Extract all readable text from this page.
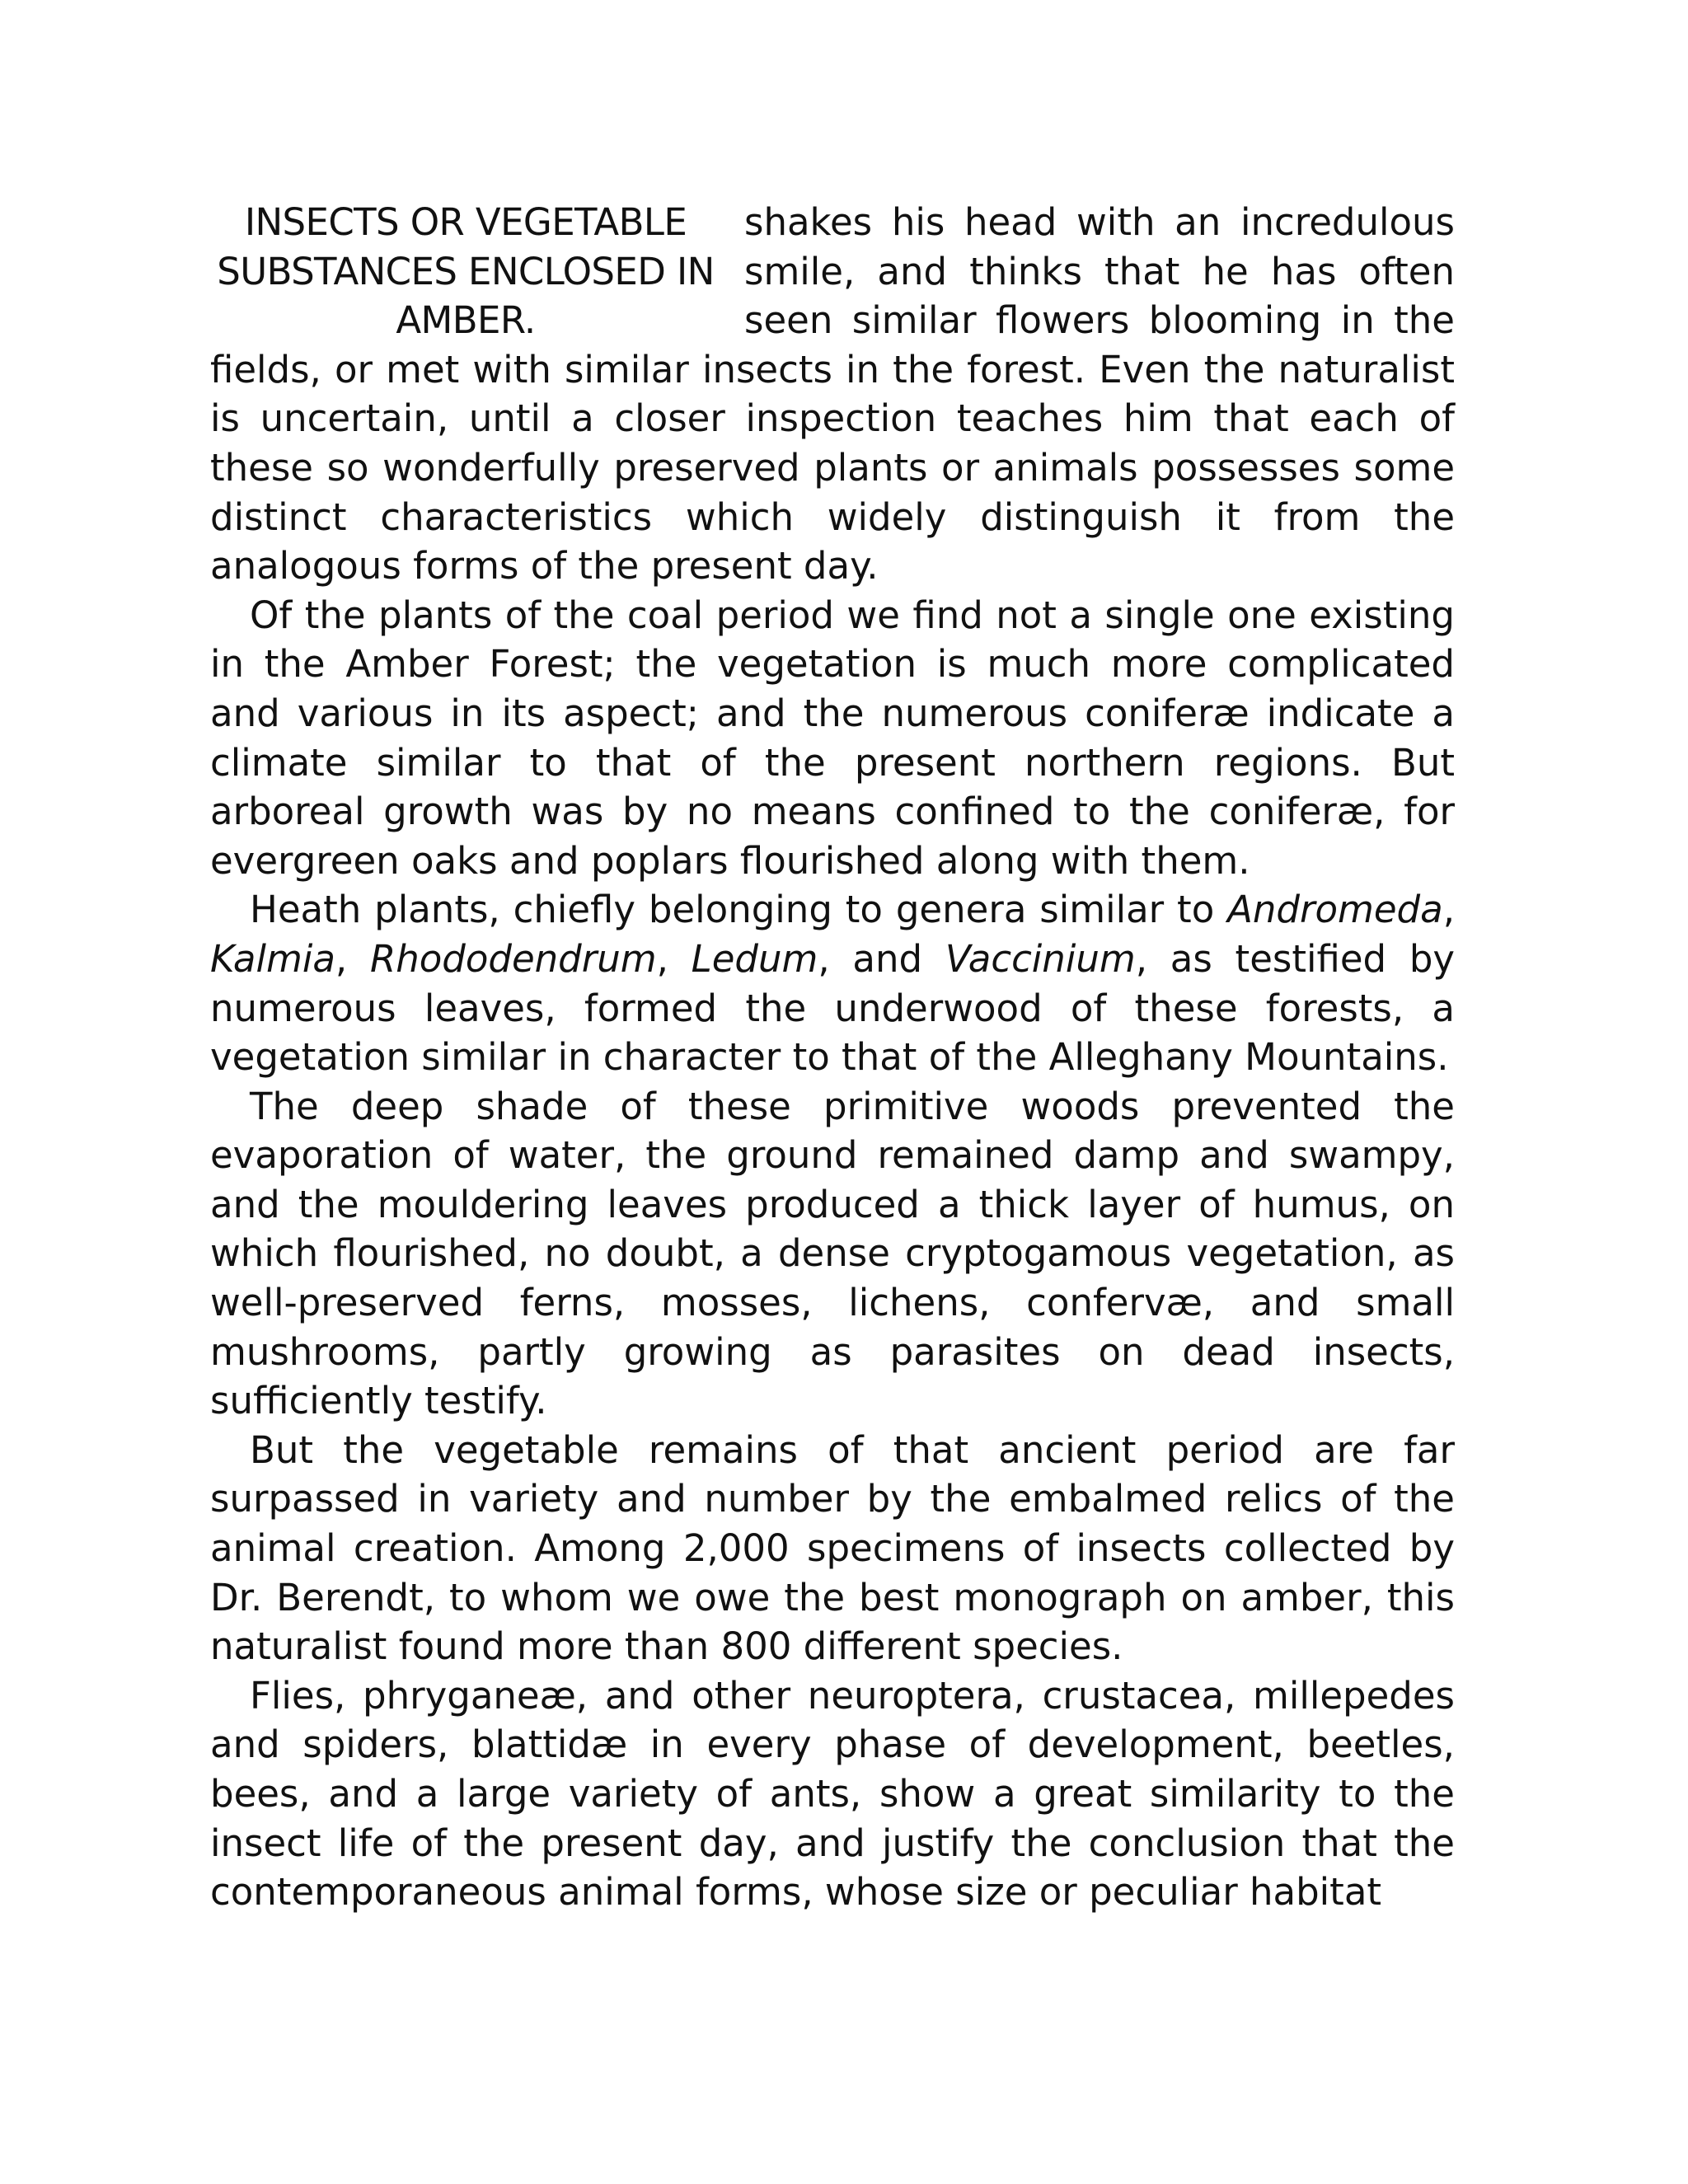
INSECTS OR VEGETABLE
SUBSTANCES ENCLOSED IN
AMBER.

shakes his head with an incredulous smile, and thinks that he has often seen similar flowers blooming in the fields, or met with similar insects in the forest. Even the naturalist is uncertain, until a closer inspection teaches him that each of these so wonderfully preserved plants or animals possesses some distinct characteristics which widely distinguish it from the analogous forms of the present day.

Of the plants of the coal period we find not a single one existing in the Amber Forest; the vegetation is much more complicated and various in its aspect; and the numerous coniferæ indicate a climate similar to that of the present northern regions. But arboreal growth was by no means confined to the coniferæ, for evergreen oaks and poplars flourished along with them.

Heath plants, chiefly belonging to genera similar to Andromeda, Kalmia, Rhododendrum, Ledum, and Vaccinium, as testified by numerous leaves, formed the underwood of these forests, a vegetation similar in character to that of the Alleghany Mountains.

The deep shade of these primitive woods prevented the evaporation of water, the ground remained damp and swampy, and the mouldering leaves produced a thick layer of humus, on which flourished, no doubt, a dense cryptogamous vegetation, as well-preserved ferns, mosses, lichens, confervæ, and small mushrooms, partly growing as parasites on dead insects, sufficiently testify.

But the vegetable remains of that ancient period are far surpassed in variety and number by the embalmed relics of the animal creation. Among 2,000 specimens of insects collected by Dr. Berendt, to whom we owe the best monograph on amber, this naturalist found more than 800 different species.

Flies, phryganeæ, and other neuroptera, crustacea, millepedes and spiders, blattidæ in every phase of development, beetles, bees, and a large variety of ants, show a great similarity to the insect life of the present day, and justify the conclusion that the contemporaneous animal forms, whose size or peculiar habitat
